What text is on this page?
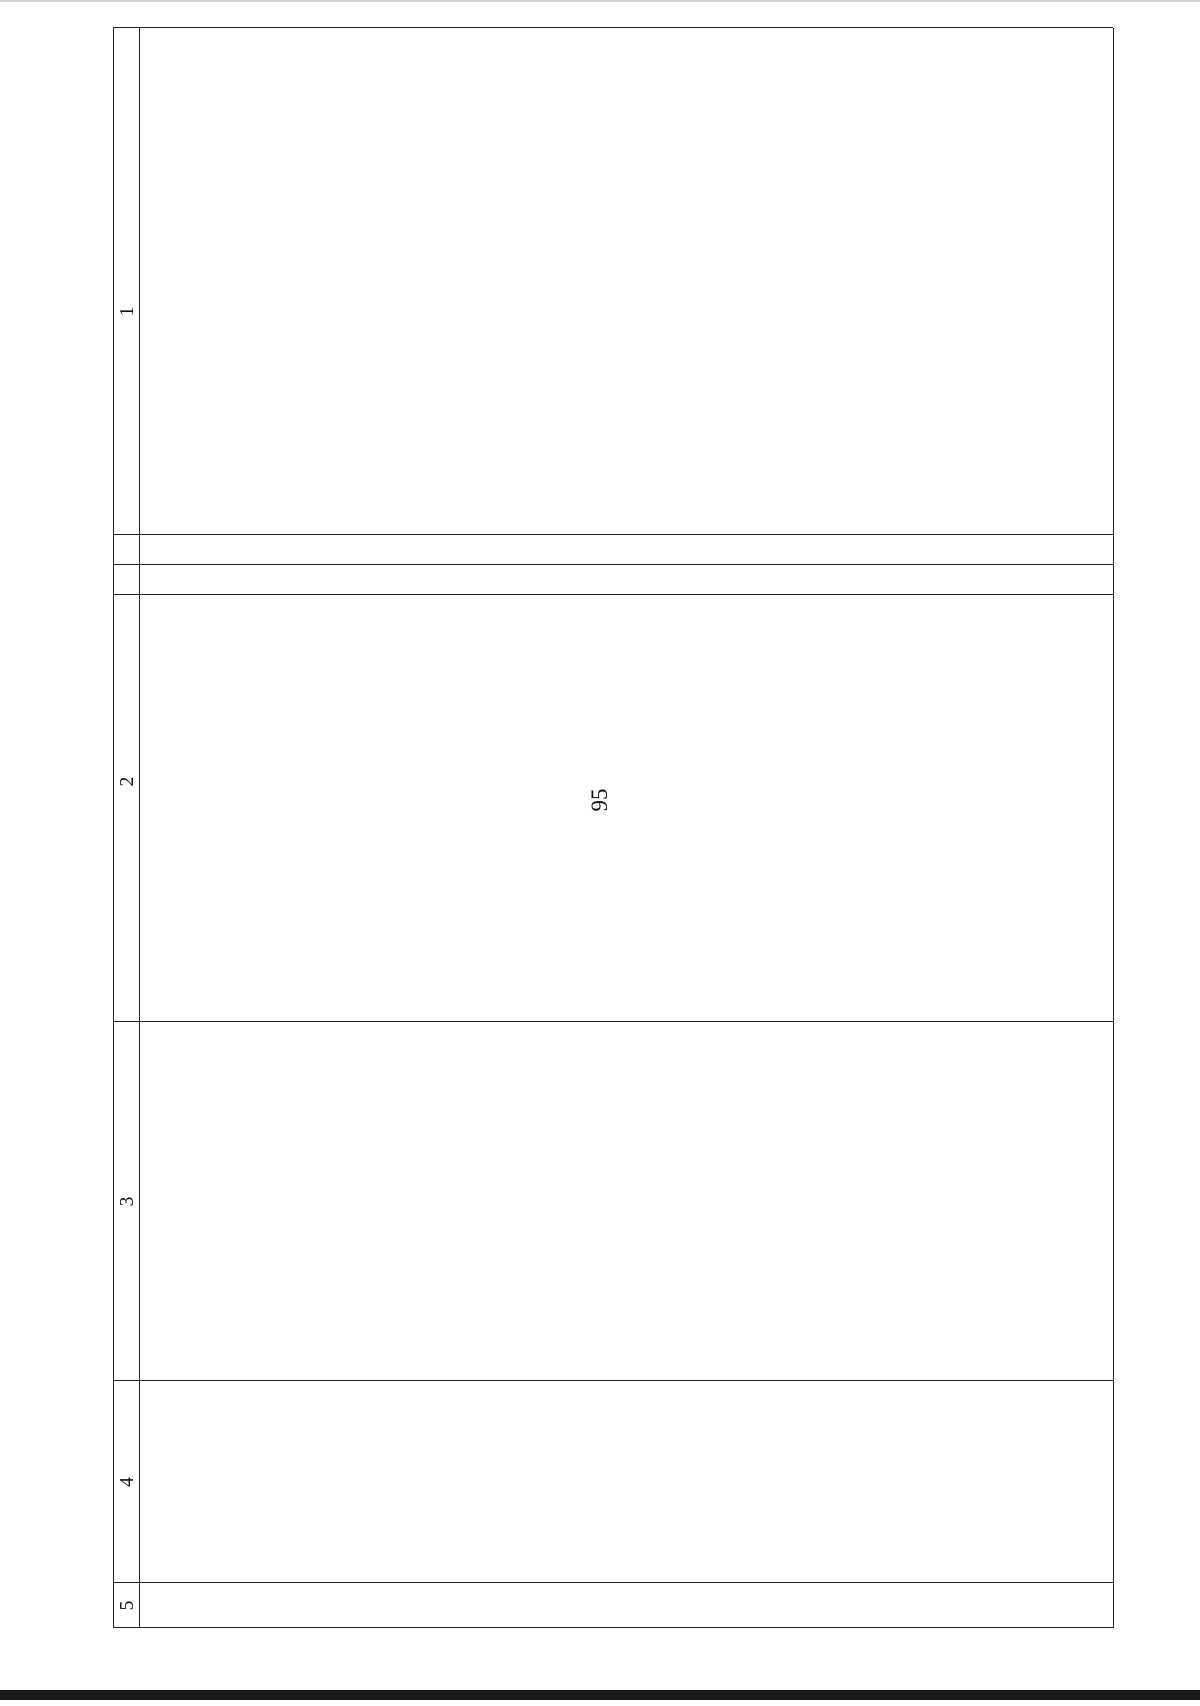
95
1
2
3
4
5
